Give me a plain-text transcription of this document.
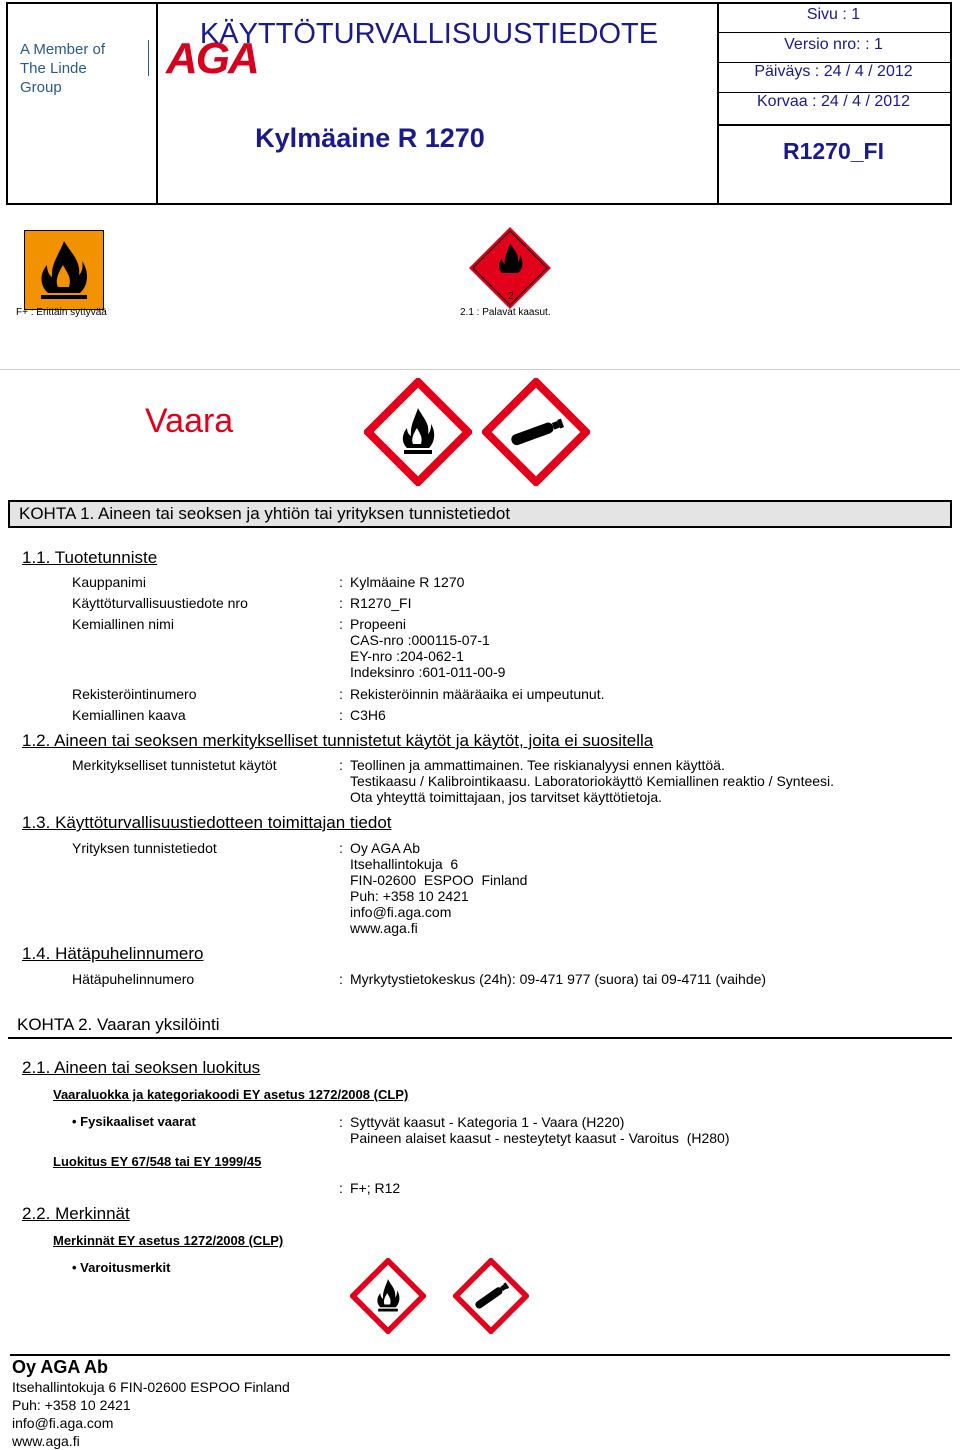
A Member of
The Linde Group
AGA
KÄYTTÖTURVALLISUUSTIEDOTE
Kylmäaine R 1270
Sivu : 1
Versio nro: : 1
Päiväys : 24 / 4 / 2012
Korvaa : 24 / 4 / 2012
R1270_FI
F+ : Erittäin syttyvää
2
2.1 : Palavat kaasut.
Vaara
KOHTA 1. Aineen tai seoksen ja yhtiön tai yrityksen tunnistetiedot
1.1. Tuotetunniste
Kauppanimi	: Kylmäaine R 1270
Käyttöturvallisuustiedote nro	: R1270_FI
Kemiallinen nimi	: Propeeni
CAS-nro :000115-07-1
EY-nro :204-062-1
Indeksinro :601-011-00-9
Rekisteröintinumero	: Rekisteröinnin määräaika ei umpeutunut.
Kemiallinen kaava	: C3H6
1.2. Aineen tai seoksen merkitykselliset tunnistetut käytöt ja käytöt, joita ei suositella
Merkitykselliset tunnistetut käytöt	: Teollinen ja ammattimainen. Tee riskianalyysi ennen käyttöä.
Testikaasu / Kalibrointikaasu. Laboratoriokäyttö Kemiallinen reaktio / Synteesi.
Ota yhteyttä toimittajaan, jos tarvitset käyttötietoja.
1.3. Käyttöturvallisuustiedotteen toimittajan tiedot
Yrityksen tunnistetiedot	: Oy AGA Ab
Itsehallintokuja  6
FIN-02600  ESPOO  Finland
Puh: +358 10 2421
info@fi.aga.com
www.aga.fi
1.4. Hätäpuhelinnumero
Hätäpuhelinnumero	: Myrkytystietokeskus (24h): 09-471 977 (suora) tai 09-4711 (vaihde)
KOHTA 2. Vaaran yksilöinti
2.1. Aineen tai seoksen luokitus
Vaaraluokka ja kategoriakoodi EY asetus 1272/2008 (CLP)
• Fysikaaliset vaarat	: Syttyvät kaasut - Kategoria 1 - Vaara (H220)
Paineen alaiset kaasut - nesteytetyt kaasut - Varoitus  (H280)
Luokitus EY 67/548 tai EY 1999/45
: F+; R12
2.2. Merkinnät
Merkinnät EY asetus 1272/2008 (CLP)
• Varoitusmerkit
Oy AGA Ab
Itsehallintokuja 6 FIN-02600 ESPOO Finland
Puh: +358 10 2421
info@fi.aga.com
www.aga.fi
